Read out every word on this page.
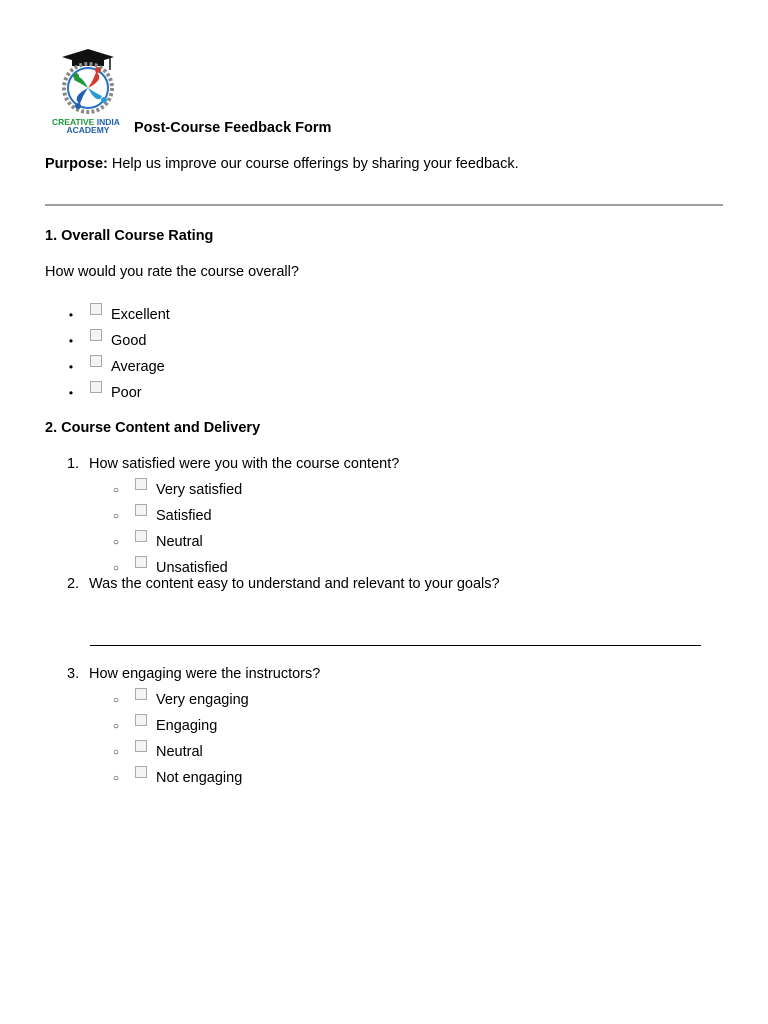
CREATIVE INDIA
ACADEMY	Post-Course Feedback Form
Purpose: Help us improve our course offerings by sharing your feedback.
1. Overall Course Rating
How would you rate the course overall?
•	Excellent
•	Good
•	Average
•	Poor
2. Course Content and Delivery
1. How satisfied were you with the course content?
○	Very satisfied
○	Satisfied
○	Neutral
○	Unsatisfied
2. Was the content easy to understand and relevant to your goals?
3. How engaging were the instructors?
○	Very engaging
○	Engaging
○	Neutral
○	Not engaging
